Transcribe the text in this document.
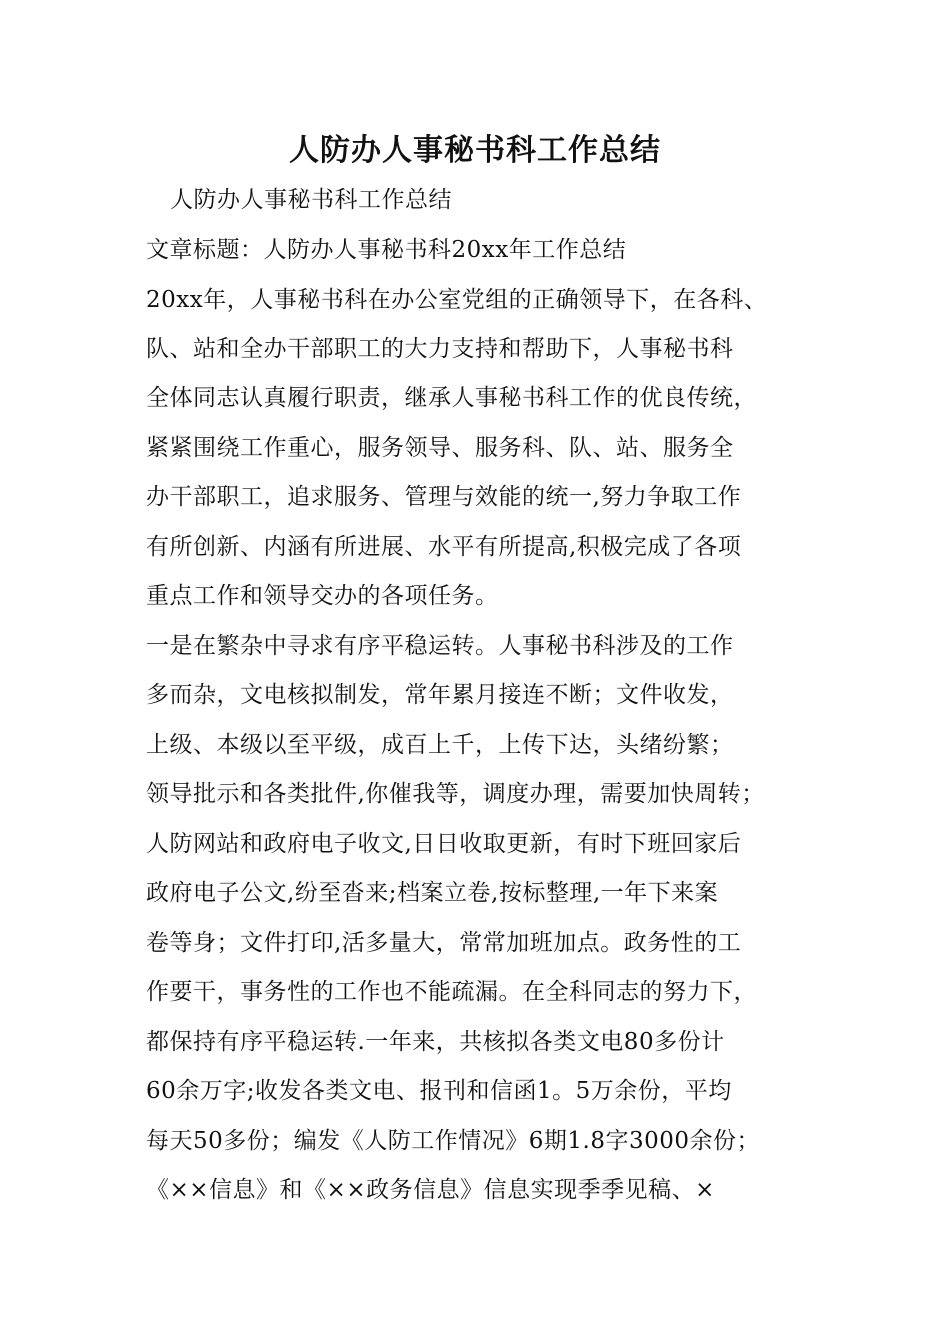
人防办人事秘书科工作总结

人防办人事秘书科工作总结

文章标题：人防办人事秘书科20xx年工作总结

20xx年，人事秘书科在办公室党组的正确领导下，在各科、

队、站和全办干部职工的大力支持和帮助下，人事秘书科

全体同志认真履行职责，继承人事秘书科工作的优良传统，

紧紧围绕工作重心，服务领导、服务科、队、站、服务全

办干部职工，追求服务、管理与效能的统一,努力争取工作

有所创新、内涵有所进展、水平有所提高,积极完成了各项

重点工作和领导交办的各项任务。

一是在繁杂中寻求有序平稳运转。人事秘书科涉及的工作

多而杂，文电核拟制发，常年累月接连不断；文件收发，

上级、本级以至平级，成百上千，上传下达，头绪纷繁；

领导批示和各类批件,你催我等，调度办理，需要加快周转；

人防网站和政府电子收文,日日收取更新，有时下班回家后

政府电子公文,纷至沓来;档案立卷,按标整理,一年下来案

卷等身；文件打印,活多量大，常常加班加点。政务性的工

作要干，事务性的工作也不能疏漏。在全科同志的努力下，

都保持有序平稳运转.一年来，共核拟各类文电80多份计

60余万字;收发各类文电、报刊和信函1。5万余份，平均

每天50多份；编发《人防工作情况》6期1.8字3000余份；

《××信息》和《××政务信息》信息实现季季见稿、×
